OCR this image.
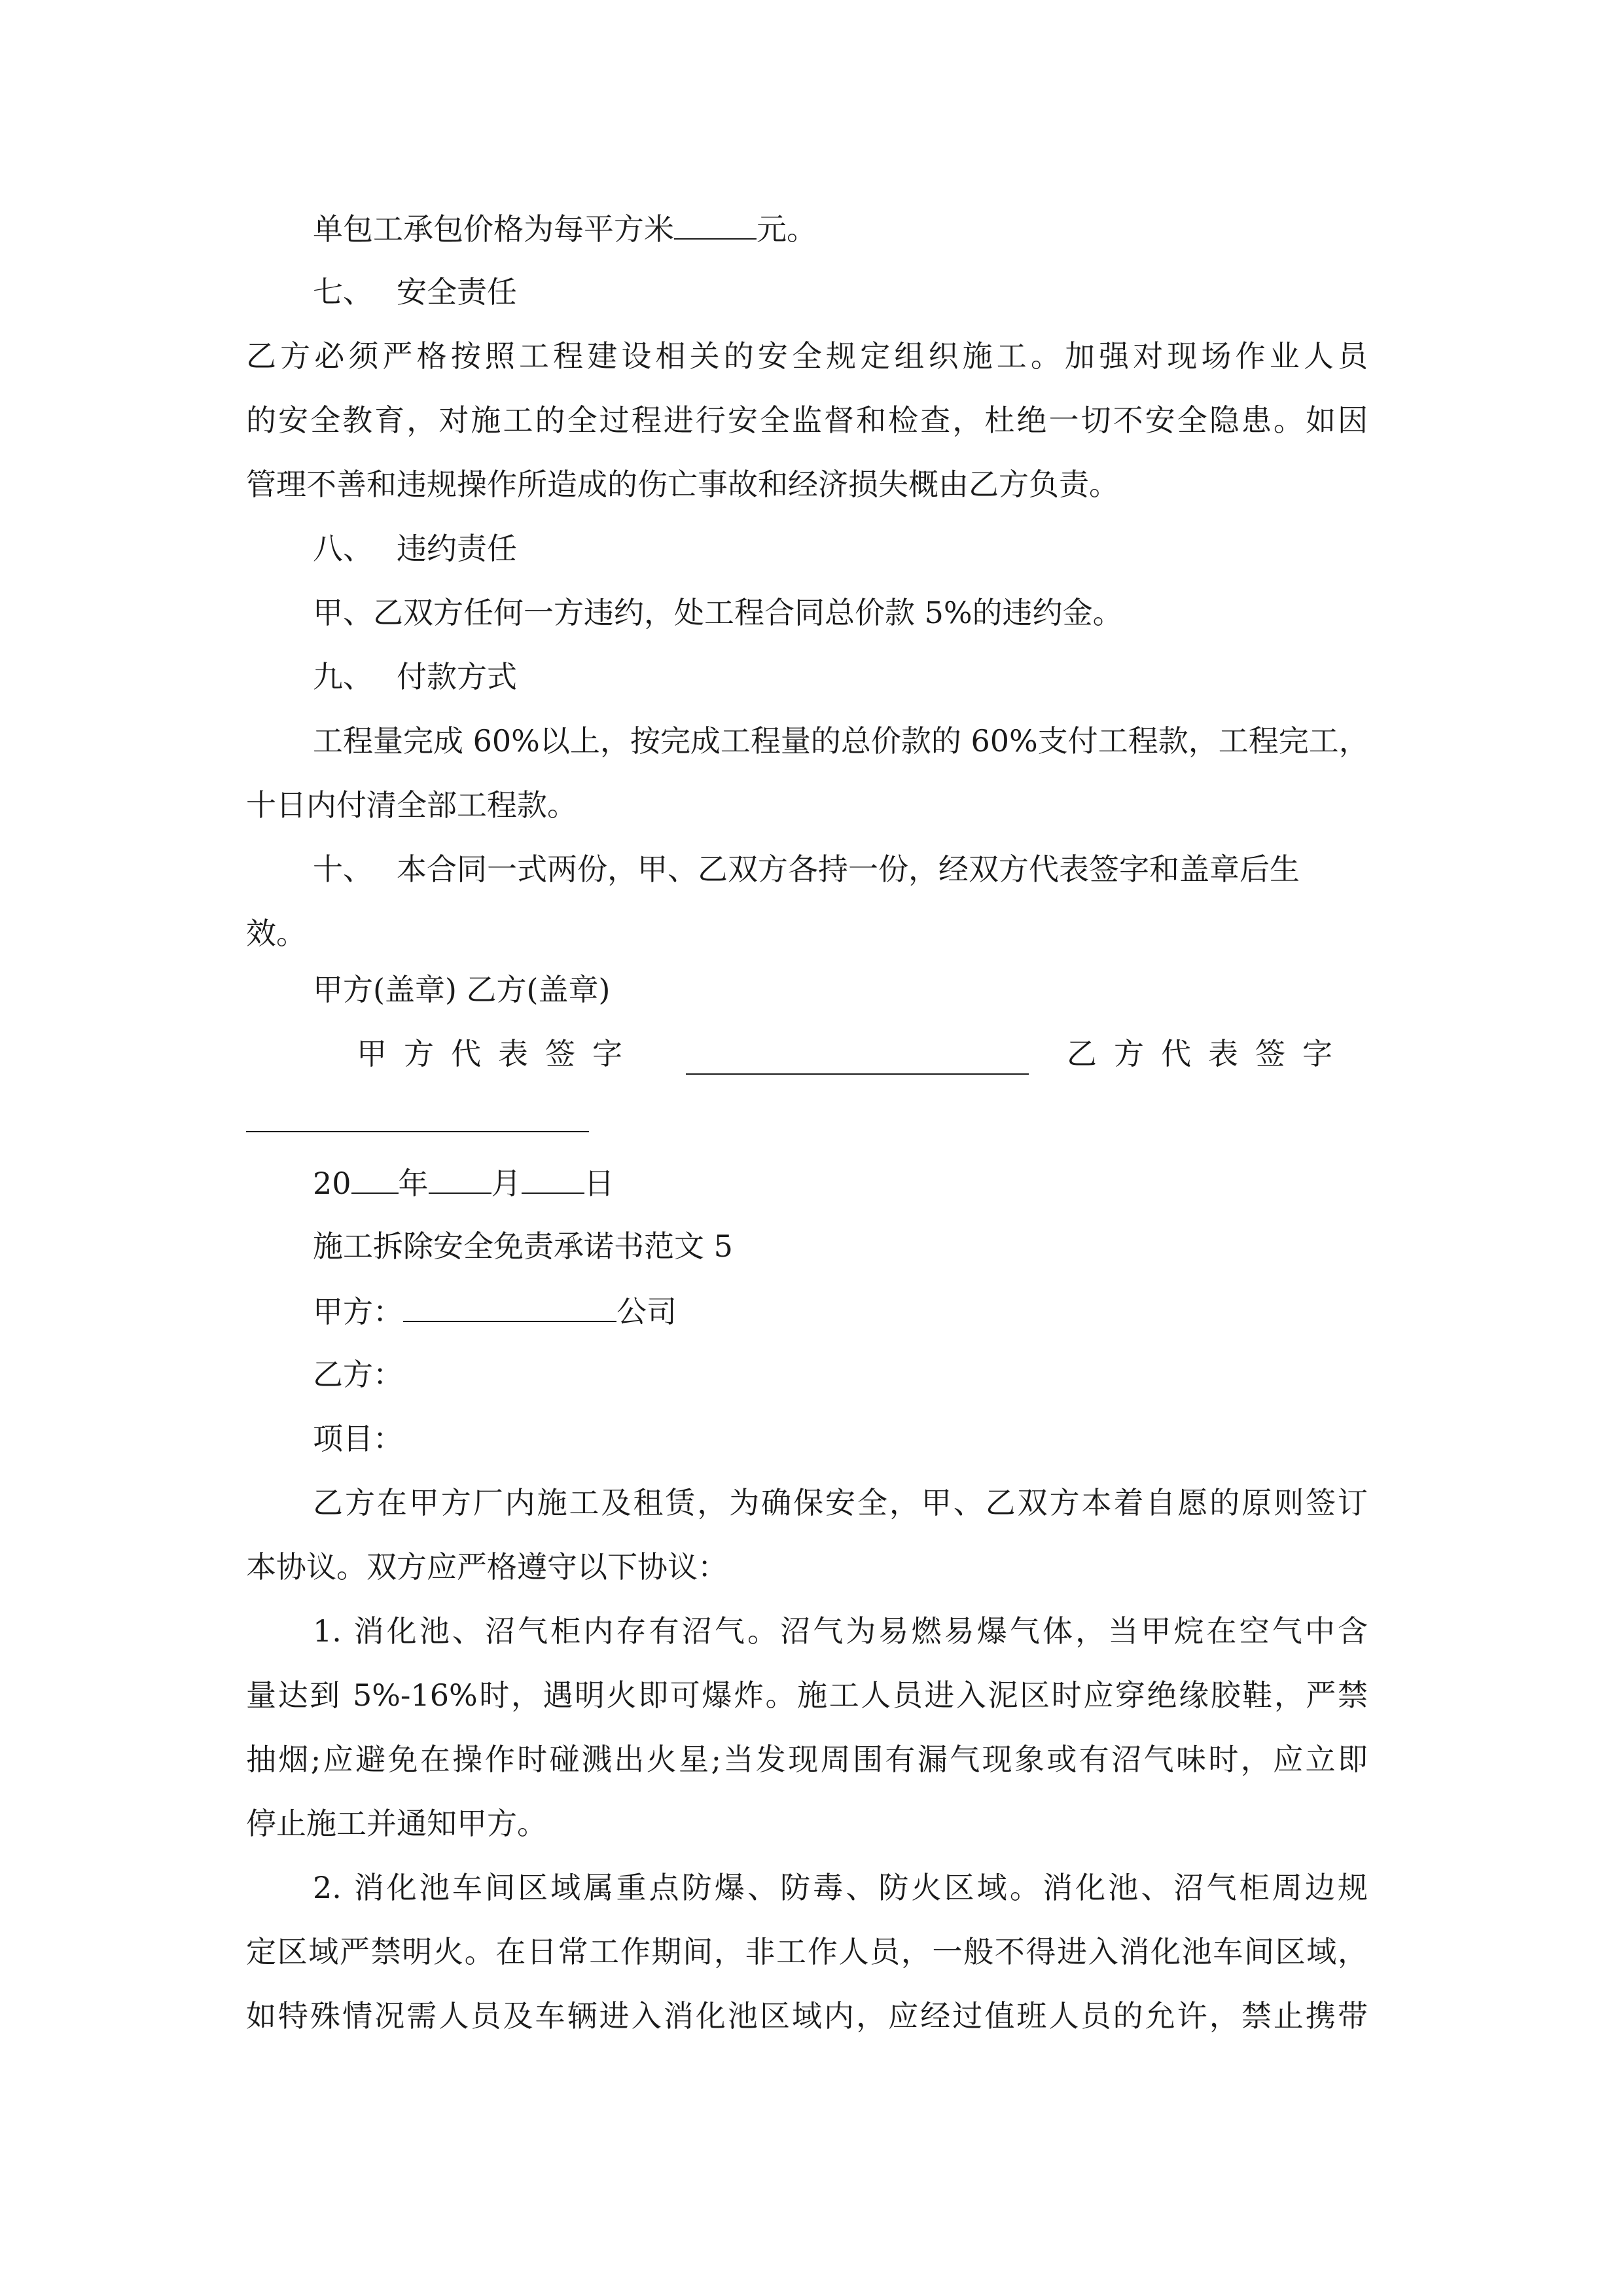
单包工承包价格为每平方米	元。

七、 安全责任

乙方必须严格按照工程建设相关的安全规定组织施工。加强对现场作业人员

的安全教育，对施工的全过程进行安全监督和检查，杜绝一切不安全隐患。如因

管理不善和违规操作所造成的伤亡事故和经济损失概由乙方负责。

八、 违约责任

甲、乙双方任何一方违约，处工程合同总价款 5%的违约金。

九、 付款方式

工程量完成 60%以上，按完成工程量的总价款的 60%支付工程款，工程完工，

十日内付清全部工程款。

十、 本合同一式两份，甲、乙双方各持一份，经双方代表签字和盖章后生

效。

甲方(盖章) 乙方(盖章)

甲方代表签字	乙方代表签字

20 年 月 日

施工拆除安全免责承诺书范文 5

甲方：	公司

乙方：

项目：

乙方在甲方厂内施工及租赁，为确保安全，甲、乙双方本着自愿的原则签订

本协议。双方应严格遵守以下协议：

1. 消化池、沼气柜内存有沼气。沼气为易燃易爆气体，当甲烷在空气中含

量达到 5%-16%时，遇明火即可爆炸。施工人员进入泥区时应穿绝缘胶鞋，严禁

抽烟;应避免在操作时碰溅出火星;当发现周围有漏气现象或有沼气味时，应立即

停止施工并通知甲方。

2. 消化池车间区域属重点防爆、防毒、防火区域。消化池、沼气柜周边规

定区域严禁明火。在日常工作期间，非工作人员，一般不得进入消化池车间区域，

如特殊情况需人员及车辆进入消化池区域内，应经过值班人员的允许，禁止携带
